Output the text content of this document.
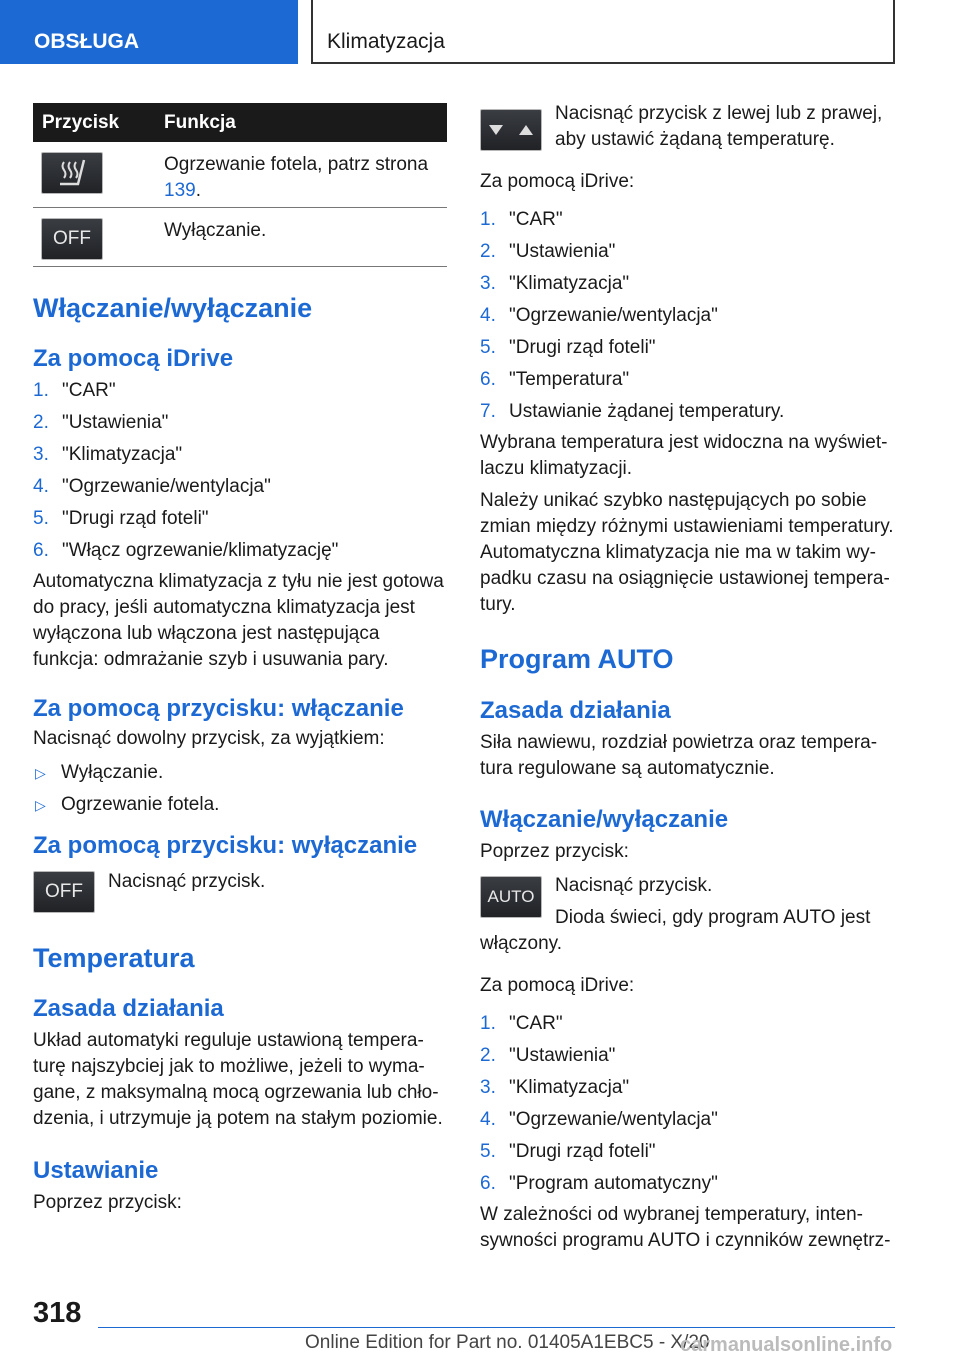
OBSŁUGA	Klimatyzacja
Przycisk	Funkcja

	Ogrzewanie fotela, patrz strona 139.
OFF	Wyłączanie.
Włączanie/wyłączanie
Za pomocą iDrive
1. "CAR"
2. "Ustawienia"
3. "Klimatyzacja"
4. "Ogrzewanie/wentylacja"
5. "Drugi rząd foteli"
6. "Włącz ogrzewanie/klimatyzację"

Automatyczna klimatyzacja z tyłu nie jest gotowa do pracy, jeśli automatyczna klimatyzacja jest wyłączona lub włączona jest następująca funkcja: odmrażanie szyb i usuwania pary.

Za pomocą przycisku: włączanie

Nacisnąć dowolny przycisk, za wyjątkiem:

▷ Wyłączanie.
▷ Ogrzewanie fotela.
Za pomocą przycisku: wyłączanie
OFF	Nacisnąć przycisk.

Temperatura
Zasada działania

Układ automatyki reguluje ustawioną temperaturę najszybciej jak to możliwe, jeżeli to wymagane, z maksymalną mocą ogrzewania lub chłodzenia, i utrzymuje ją potem na stałym poziomie.

Ustawianie

Poprzez przycisk:

Nacisnąć przycisk z lewej lub z prawej, aby ustawić żądaną temperaturę.

Za pomocą iDrive:

1. "CAR"
2. "Ustawienia"
3. "Klimatyzacja"
4. "Ogrzewanie/wentylacja"
5. "Drugi rząd foteli"
6. "Temperatura"
7. Ustawianie żądanej temperatury.

Wybrana temperatura jest widoczna na wyświetlaczu klimatyzacji.

Należy unikać szybko następujących po sobie zmian między różnymi ustawieniami temperatury. Automatyczna klimatyzacja nie ma w takim wypadku czasu na osiągnięcie ustawionej temperatury.

Program AUTO
Zasada działania

Siła nawiewu, rozdział powietrza oraz temperatura regulowane są automatycznie.

Włączanie/wyłączanie

Poprzez przycisk:

AUTO

Nacisnąć przycisk.

Dioda świeci, gdy program AUTO jest włączony.

Za pomocą iDrive:

1. "CAR"
2. "Ustawienia"
3. "Klimatyzacja"
4. "Ogrzewanie/wentylacja"
5. "Drugi rząd foteli"
6. "Program automatyczny"

W zależności od wybranej temperatury, intensywności programu AUTO i czynników zewnętrz-

318
Online Edition for Part no. 01405A1EBC5 - X/20
carmanualsonline.info
